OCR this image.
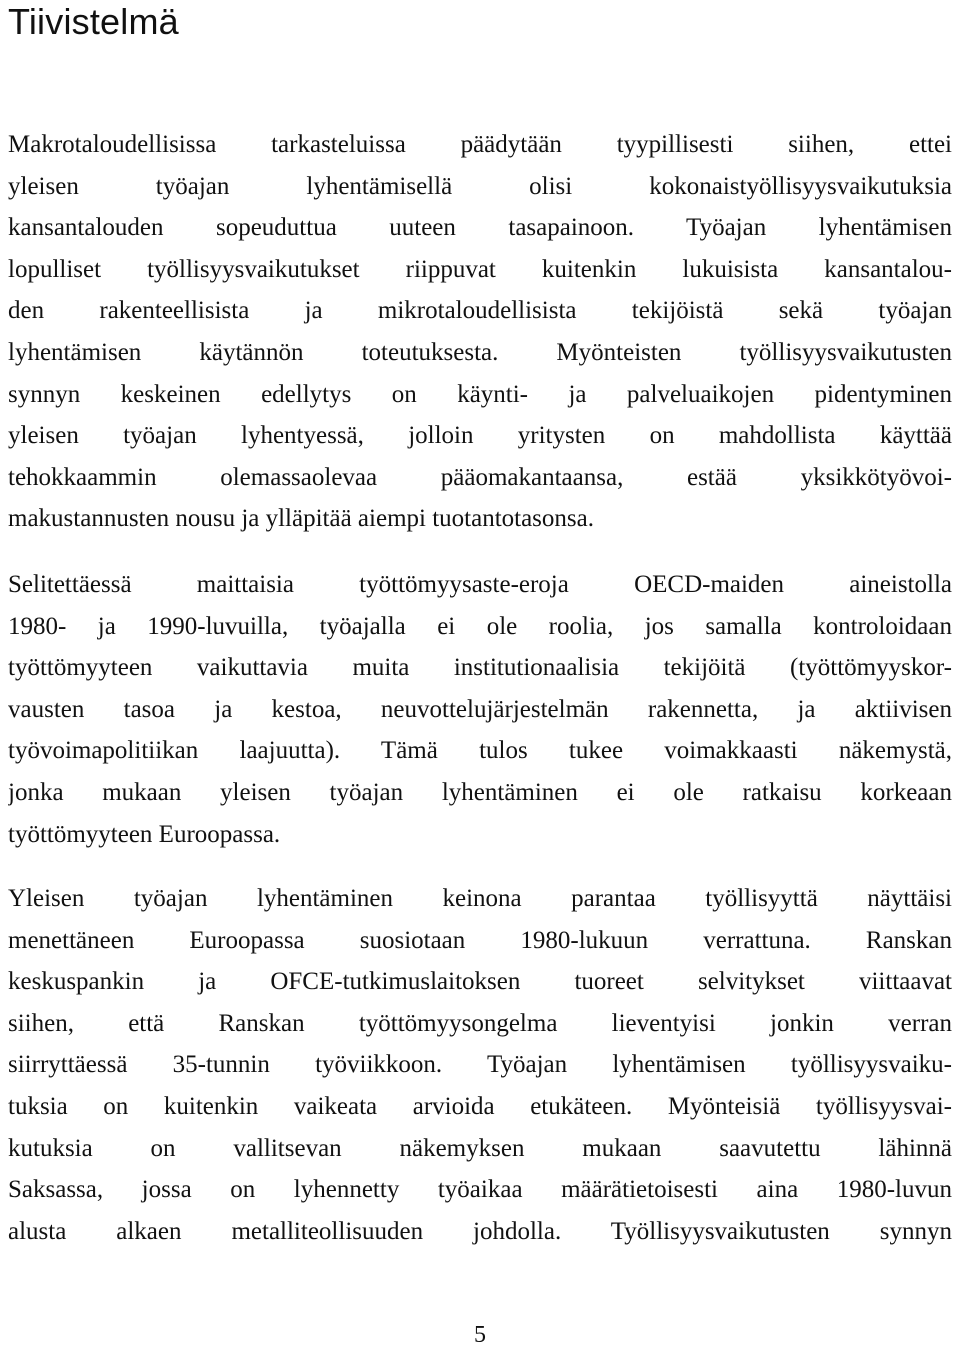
Tiivistelmä
Makrotaloudellisissa tarkasteluissa päädytään tyypillisesti siihen, ettei
yleisen työajan lyhentämisellä olisi kokonaistyöllisyysvaikutuksia
kansantalouden sopeuduttua uuteen tasapainoon. Työajan lyhentämisen
lopulliset työllisyysvaikutukset riippuvat kuitenkin lukuisista kansantalou-
den rakenteellisista ja mikrotaloudellisista tekijöistä sekä työajan
lyhentämisen käytännön toteutuksesta. Myönteisten työllisyysvaikutusten
synnyn keskeinen edellytys on käynti- ja palveluaikojen pidentyminen
yleisen työajan lyhentyessä, jolloin yritysten on mahdollista käyttää
tehokkaammin olemassaolevaa pääomakantaansa, estää yksikkötyövoi-
makustannusten nousu ja ylläpitää aiempi tuotantotasonsa.
Selitettäessä maittaisia työttömyysaste-eroja OECD-maiden aineistolla
1980- ja 1990-luvuilla, työajalla ei ole roolia, jos samalla kontroloidaan
työttömyyteen vaikuttavia muita institutionaalisia tekijöitä (työttömyyskor-
vausten tasoa ja kestoa, neuvottelujärjestelmän rakennetta, ja aktiivisen
työvoimapolitiikan laajuutta). Tämä tulos tukee voimakkaasti näkemystä,
jonka mukaan yleisen työajan lyhentäminen ei ole ratkaisu korkeaan
työttömyyteen Euroopassa.
Yleisen työajan lyhentäminen keinona parantaa työllisyyttä näyttäisi
menettäneen Euroopassa suosiotaan 1980-lukuun verrattuna. Ranskan
keskuspankin ja OFCE-tutkimuslaitoksen tuoreet selvitykset viittaavat
siihen, että Ranskan työttömyysongelma lieventyisi jonkin verran
siirryttäessä 35-tunnin työviikkoon. Työajan lyhentämisen työllisyysvaiku-
tuksia on kuitenkin vaikeata arvioida etukäteen. Myönteisiä työllisyysvai-
kutuksia on vallitsevan näkemyksen mukaan saavutettu lähinnä
Saksassa, jossa on lyhennetty työaikaa määrätietoisesti aina 1980-luvun
alusta alkaen metalliteollisuuden johdolla. Työllisyysvaikutusten synnyn
5
